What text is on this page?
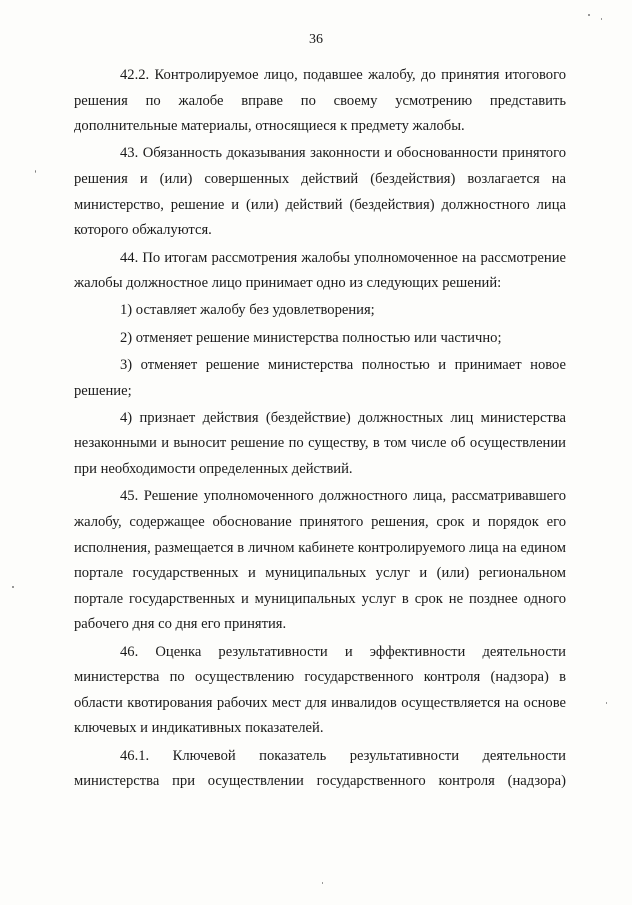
36

42.2. Контролируемое лицо, подавшее жалобу, до принятия итогового решения по жалобе вправе по своему усмотрению представить дополнительные материалы, относящиеся к предмету жалобы.

43. Обязанность доказывания законности и обоснованности принятого решения и (или) совершенных действий (бездействия) возлагается на министерство, решение и (или) действий (бездействия) должностного лица которого обжалуются.

44. По итогам рассмотрения жалобы уполномоченное на рассмотрение жалобы должностное лицо принимает одно из следующих решений:

1) оставляет жалобу без удовлетворения;

2) отменяет решение министерства полностью или частично;

3) отменяет решение министерства полностью и принимает новое решение;

4) признает действия (бездействие) должностных лиц министерства незаконными и выносит решение по существу, в том числе об осуществлении при необходимости определенных действий.

45. Решение уполномоченного должностного лица, рассматривавшего жалобу, содержащее обоснование принятого решения, срок и порядок его исполнения, размещается в личном кабинете контролируемого лица на едином портале государственных и муниципальных услуг и (или) региональном портале государственных и муниципальных услуг в срок не позднее одного рабочего дня со дня его принятия.

46. Оценка результативности и эффективности деятельности министерства по осуществлению государственного контроля (надзора) в области квотирования рабочих мест для инвалидов осуществляется на основе ключевых и индикативных показателей.

46.1. Ключевой показатель результативности деятельности министерства при осуществлении государственного контроля (надзора)
